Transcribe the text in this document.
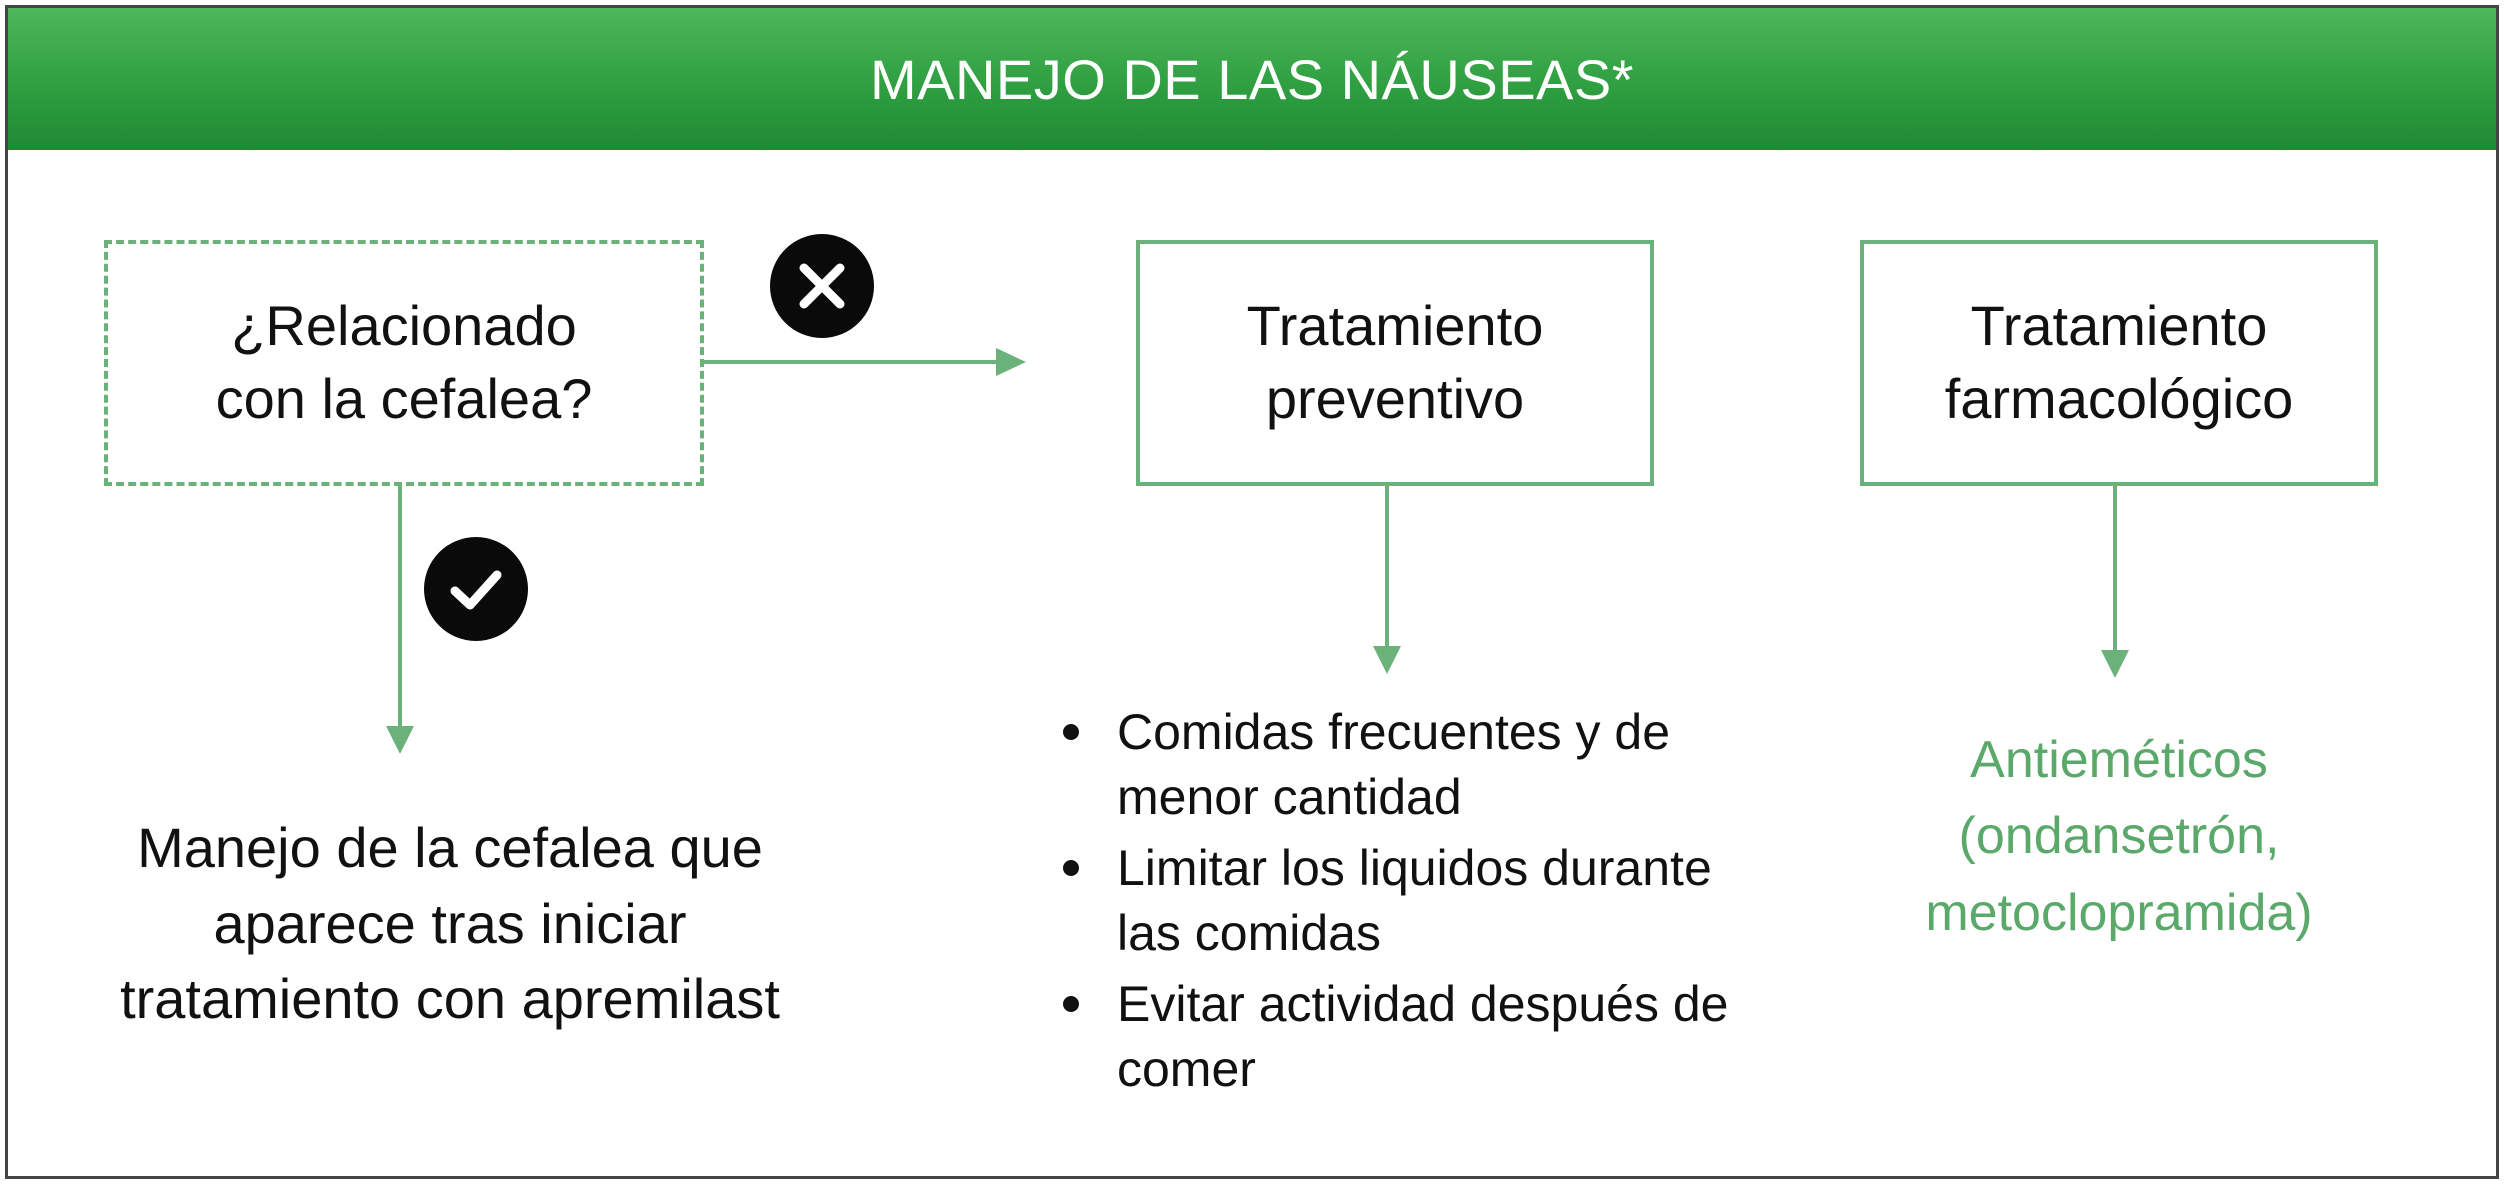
MANEJO DE LAS NÁUSEAS*
¿Relacionado
con la cefalea?
Tratamiento
preventivo
Tratamiento
farmacológico
Manejo de la cefalea que
aparece tras iniciar
tratamiento con apremilast
Comidas frecuentes y de
menor cantidad
Limitar los liquidos durante
las comidas
Evitar actividad después de
comer
Antieméticos
(ondansetrón,
metoclopramida)
